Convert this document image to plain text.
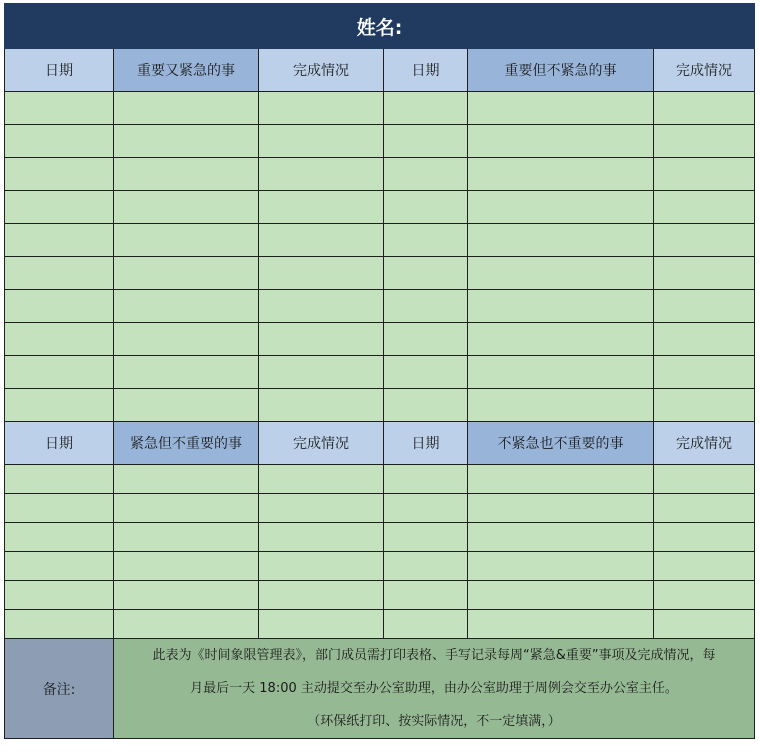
姓名:					
日期	重要又紧急的事	完成情况	日期	重要但不紧急的事	完成情况

日期	紧急但不重要的事	完成情况	日期	不紧急也不重要的事	完成情况

备注:	此表为《时间象限管理表》，部门成员需打印表格、手写记录每周“紧急&重要”事项及完成情况，每

月最后一天 18:00 主动提交至办公室助理，由办公室助理于周例会交至办公室主任。

（环保纸打印、按实际情况，不一定填满，）				
